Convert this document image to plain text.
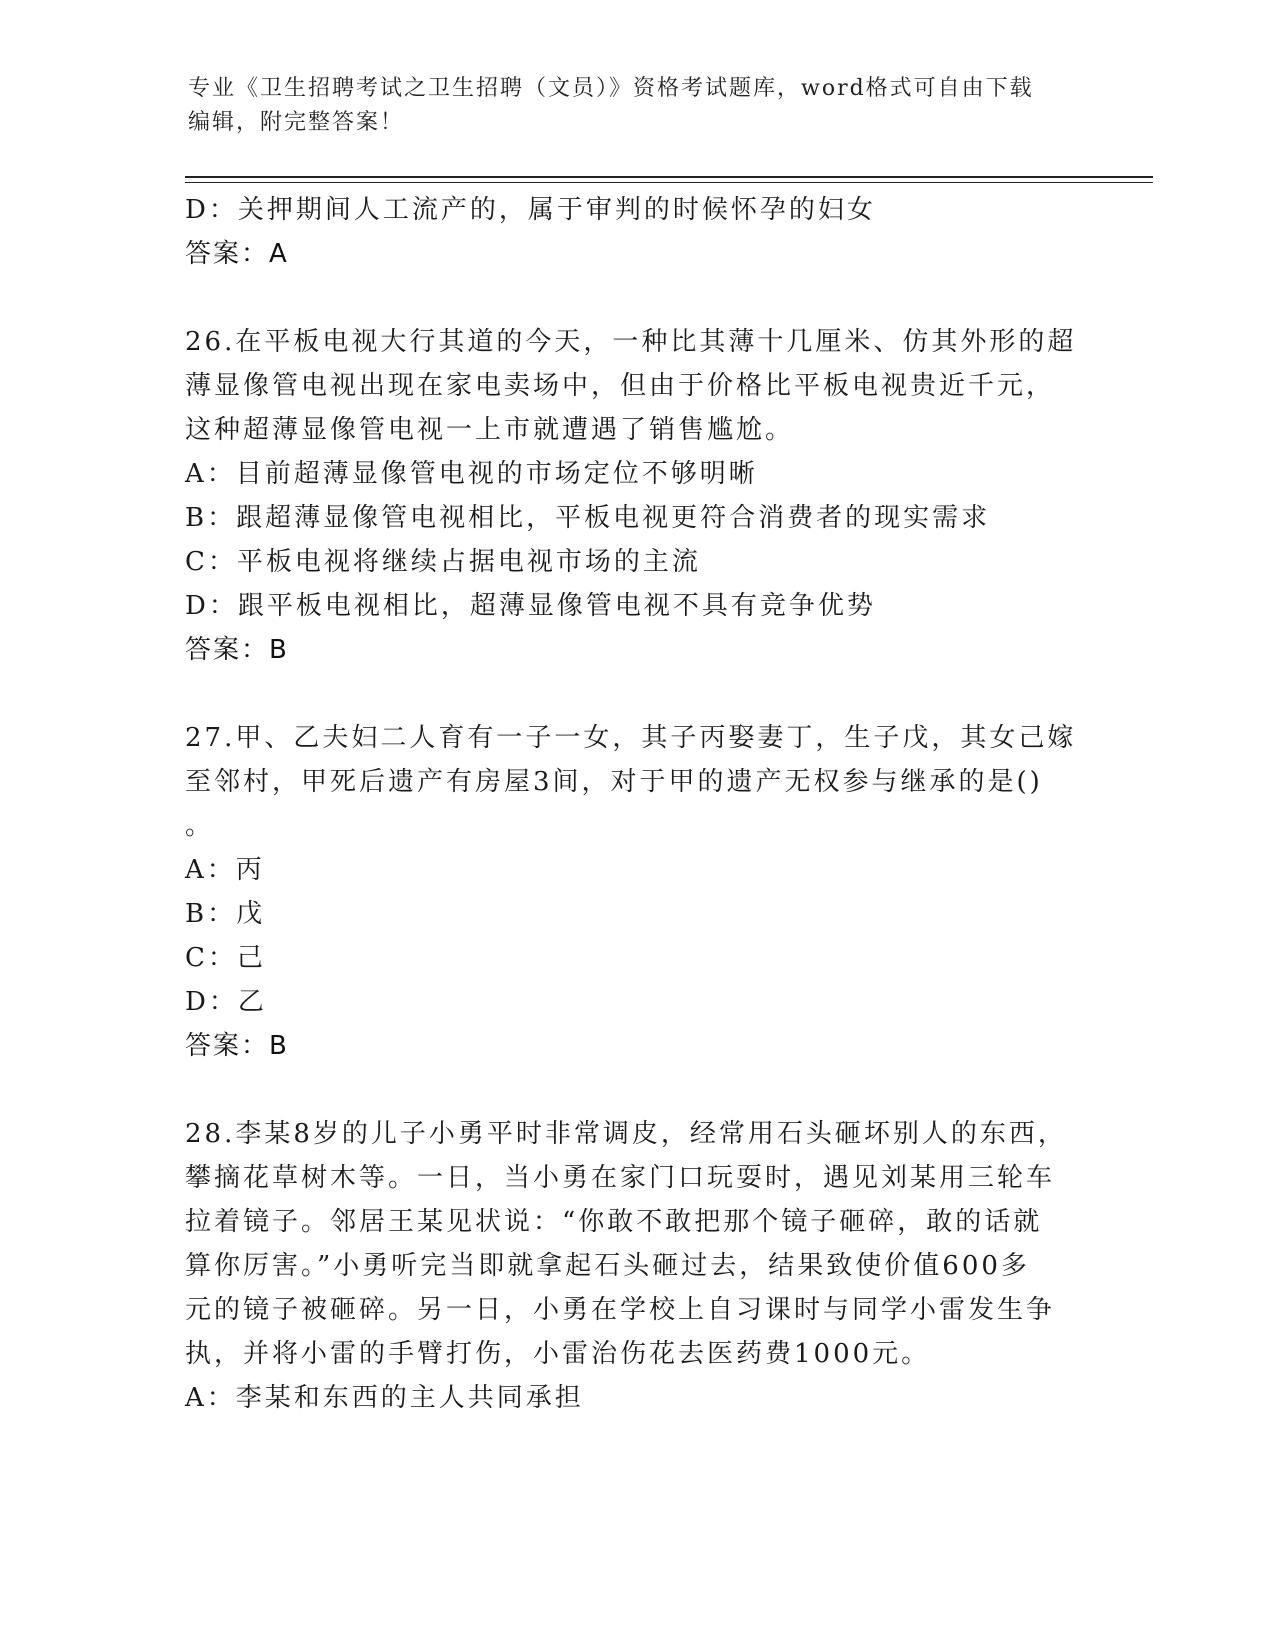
专业《卫生招聘考试之卫生招聘（文员）》资格考试题库，word格式可自由下载
编辑，附完整答案！
D：关押期间人工流产的，属于审判的时候怀孕的妇女
答案：A
26.在平板电视大行其道的今天，一种比其薄十几厘米、仿其外形的超
薄显像管电视出现在家电卖场中，但由于价格比平板电视贵近千元，
这种超薄显像管电视一上市就遭遇了销售尴尬。
A：目前超薄显像管电视的市场定位不够明晰
B：跟超薄显像管电视相比，平板电视更符合消费者的现实需求
C：平板电视将继续占据电视市场的主流
D：跟平板电视相比，超薄显像管电视不具有竞争优势
答案：B
27.甲、乙夫妇二人育有一子一女，其子丙娶妻丁，生子戊，其女己嫁
至邻村，甲死后遗产有房屋3间，对于甲的遗产无权参与继承的是()
。
A：丙
B：戊
C：己
D：乙
答案：B
28.李某8岁的儿子小勇平时非常调皮，经常用石头砸坏别人的东西，
攀摘花草树木等。一日，当小勇在家门口玩耍时，遇见刘某用三轮车
拉着镜子。邻居王某见状说：“你敢不敢把那个镜子砸碎，敢的话就
算你厉害。”小勇听完当即就拿起石头砸过去，结果致使价值600多
元的镜子被砸碎。另一日，小勇在学校上自习课时与同学小雷发生争
执，并将小雷的手臂打伤，小雷治伤花去医药费1000元。
A：李某和东西的主人共同承担
